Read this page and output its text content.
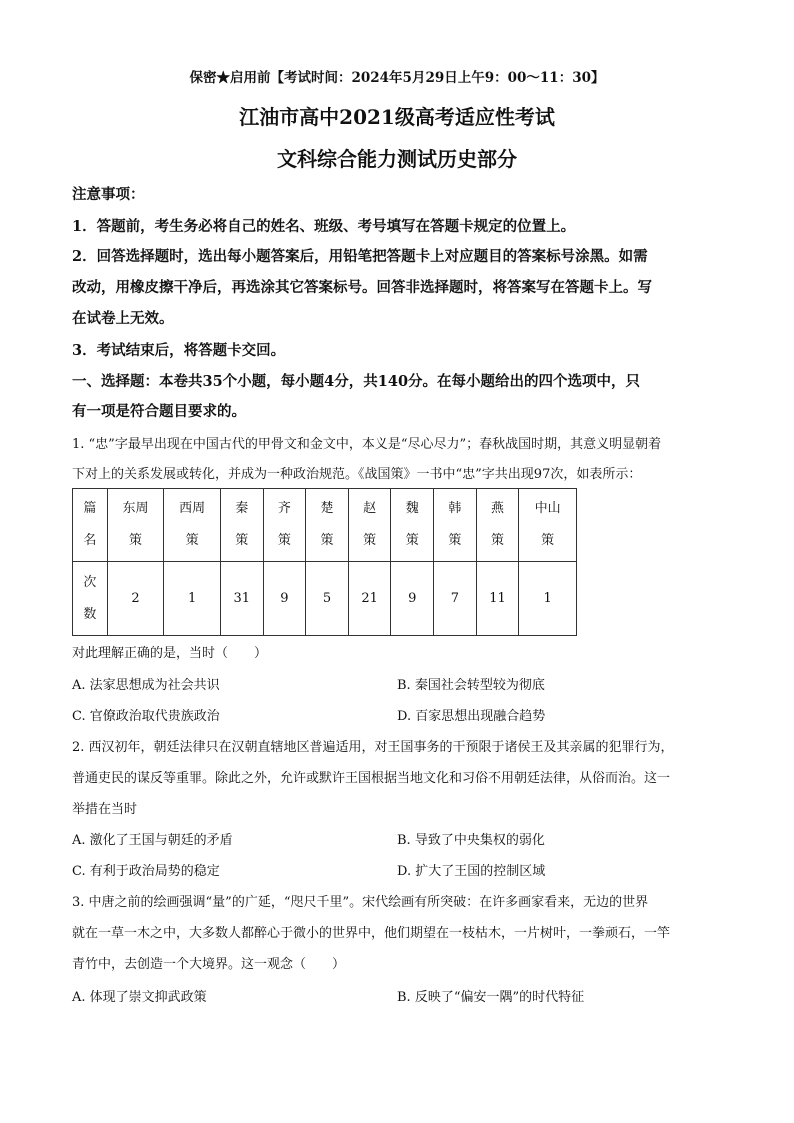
保密★启用前【考试时间：2024年5月29日上午9：00～11：30】
江油市高中2021级高考适应性考试
文科综合能力测试历史部分
注意事项：
1．答题前，考生务必将自己的姓名、班级、考号填写在答题卡规定的位置上。
2．回答选择题时，选出每小题答案后，用铅笔把答题卡上对应题目的答案标号涂黑。如需
改动，用橡皮擦干净后，再选涂其它答案标号。回答非选择题时，将答案写在答题卡上。写
在试卷上无效。
3．考试结束后，将答题卡交回。
一、选择题：本卷共35个小题，每小题4分，共140分。在每小题给出的四个选项中，只
有一项是符合题目要求的。
1. “忠”字最早出现在中国古代的甲骨文和金文中，本义是“尽心尽力”；春秋战国时期，其意义明显朝着
下对上的关系发展或转化，并成为一种政治规范。《战国策》一书中“忠”字共出现97次，如表所示：
篇名	东周策	西周策	秦策	齐策	楚策	赵策	魏策	韩策	燕策	中山策
次数	2	1	31	9	5	21	9	7	11	1
对此理解正确的是，当时（　　）
A. 法家思想成为社会共识	B. 秦国社会转型较为彻底
C. 官僚政治取代贵族政治	D. 百家思想出现融合趋势
2. 西汉初年，朝廷法律只在汉朝直辖地区普遍适用，对王国事务的干预限于诸侯王及其亲属的犯罪行为，
普通吏民的谋反等重罪。除此之外，允许或默许王国根据当地文化和习俗不用朝廷法律，从俗而治。这一
举措在当时
A. 激化了王国与朝廷的矛盾	B. 导致了中央集权的弱化
C. 有利于政治局势的稳定	D. 扩大了王国的控制区域
3. 中唐之前的绘画强调“量”的广延，“咫尺千里”。宋代绘画有所突破：在许多画家看来，无边的世界
就在一草一木之中，大多数人都醉心于微小的世界中，他们期望在一枝枯木，一片树叶，一拳顽石，一竿
青竹中，去创造一个大境界。这一观念（　　）
A. 体现了崇文抑武政策	B. 反映了“偏安一隅”的时代特征
